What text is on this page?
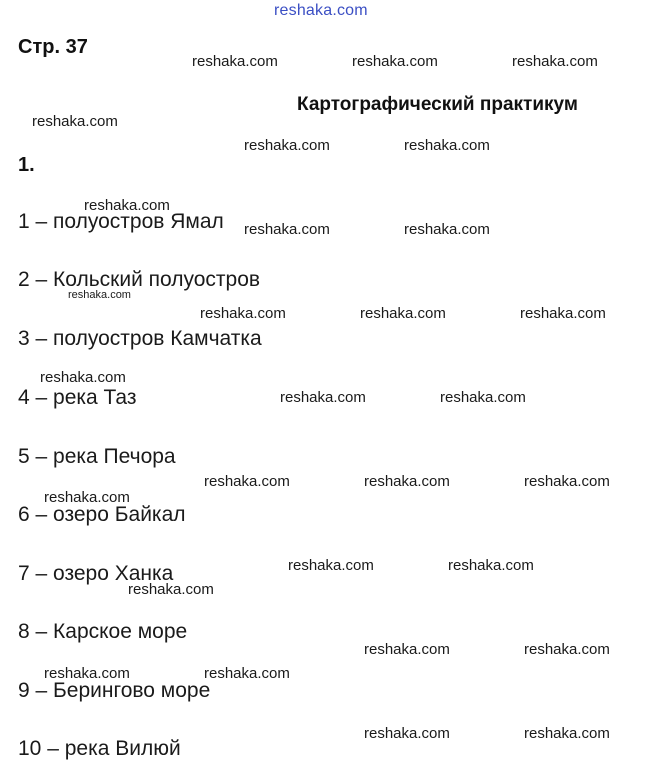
reshaka.com
Стр. 37
Картографический практикум
1.
1 – полуостров Ямал
2 – Кольский полуостров
3 – полуостров Камчатка
4 – река Таз
5 – река Печора
6 – озеро Байкал
7 – озеро Ханка
8 – Карское море
9 – Берингово море
10 – река Вилюй
reshaka.com	reshaka.com	reshaka.com
reshaka.com
reshaka.com	reshaka.com
reshaka.com
reshaka.com	reshaka.com
reshaka.com
reshaka.com	reshaka.com	reshaka.com
reshaka.com
reshaka.com	reshaka.com
reshaka.com	reshaka.com	reshaka.com
reshaka.com
reshaka.com	reshaka.com
reshaka.com
reshaka.com	reshaka.com
reshaka.com	reshaka.com
reshaka.com	reshaka.com
